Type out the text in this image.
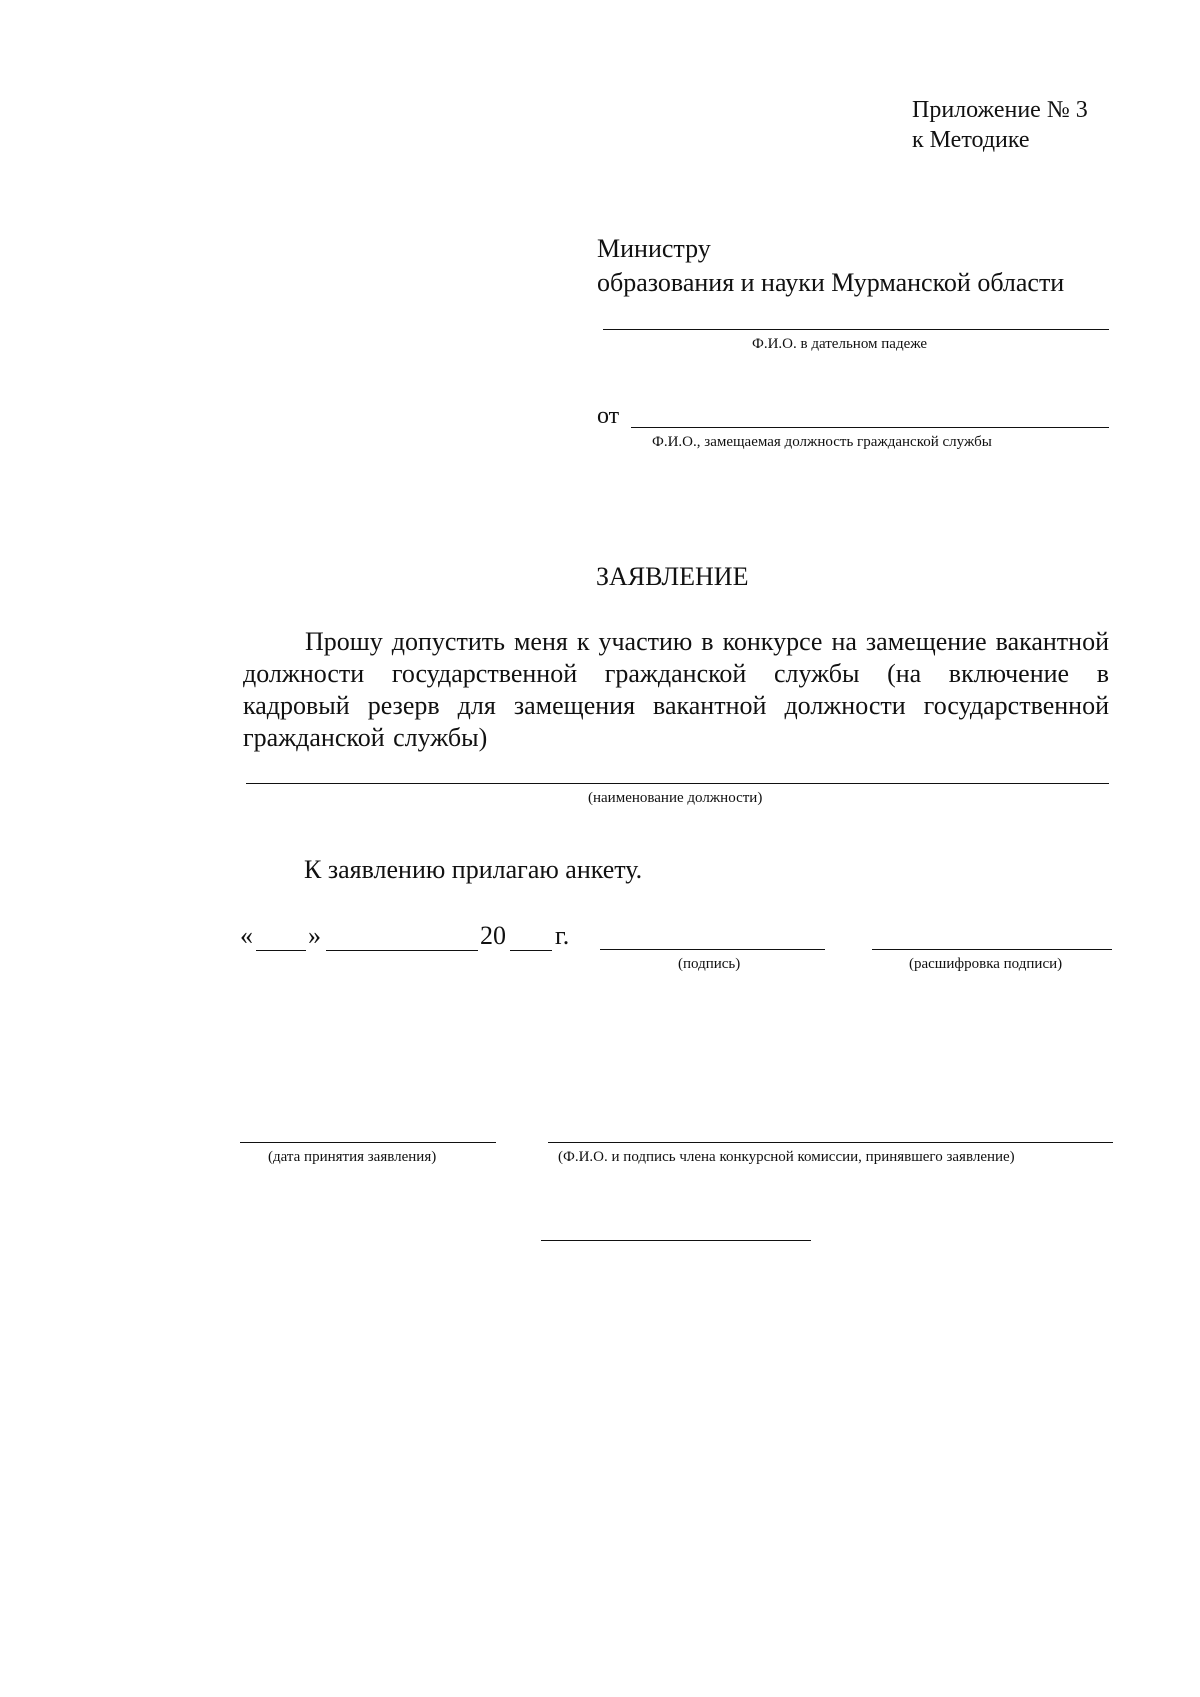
Приложение № 3
к Методике
Министру
образования и науки Мурманской области
Ф.И.О. в дательном падеже
от
Ф.И.О., замещаемая должность гражданской службы
ЗАЯВЛЕНИЕ
Прошу допустить меня к участию в конкурсе на замещение вакантной должности государственной гражданской службы (на включение в кадровый резерв для замещения вакантной должности государственной гражданской службы)
(наименование должности)
К заявлению прилагаю анкету.
« »	20 г.
(подпись)	(расшифровка подписи)
(дата принятия заявления)	(Ф.И.О. и подпись члена конкурсной комиссии, принявшего заявление)
